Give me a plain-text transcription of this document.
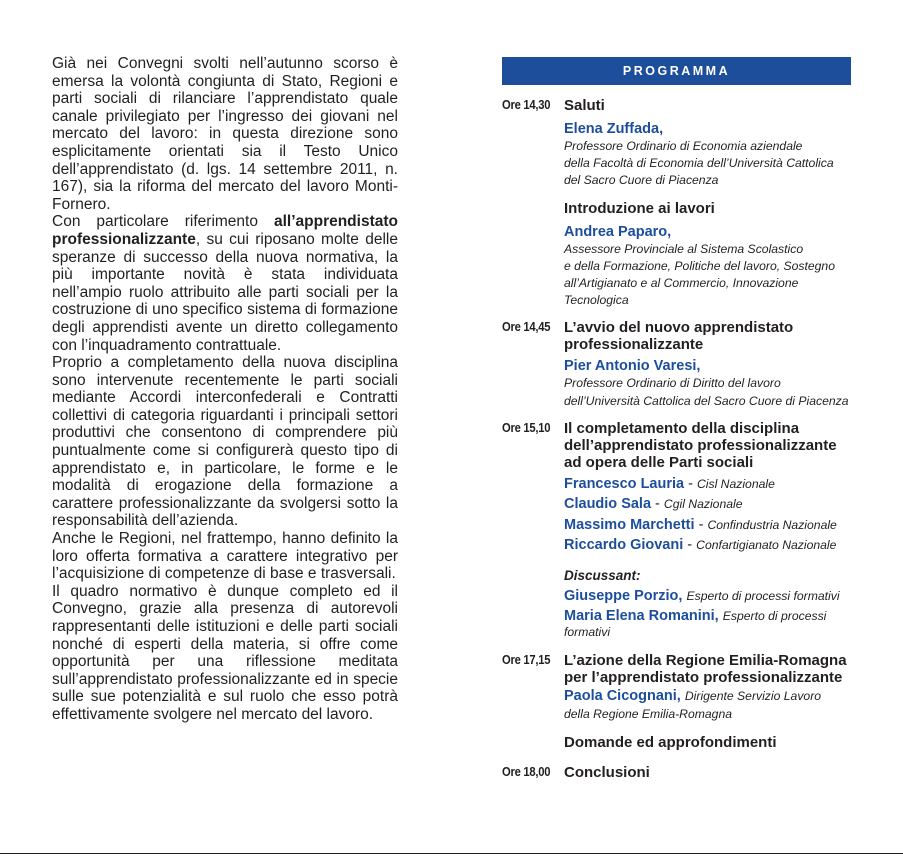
Già nei Convegni svolti nell’autunno scorso è emersa la volontà congiunta di Stato, Regioni e parti sociali di rilanciare l’apprendistato quale canale privilegiato per l’ingresso dei giovani nel mercato del lavoro: in questa direzione sono esplicitamente orientati sia il Testo Unico dell’apprendistato (d. lgs. 14 settembre 2011, n. 167), sia la riforma del mercato del lavoro Monti-Fornero.

Con particolare riferimento all’apprendistato professionalizzante, su cui riposano molte delle speranze di successo della nuova normativa, la più importante novità è stata individuata nell’ampio ruolo attribuito alle parti sociali per la costruzione di uno specifico sistema di formazione degli apprendisti avente un diretto collegamento con l’inquadramento contrattuale.

Proprio a completamento della nuova disciplina sono intervenute recentemente le parti sociali mediante Accordi interconfederali e Contratti collettivi di categoria riguardanti i principali settori produttivi che consentono di comprendere più puntualmente come si configurerà questo tipo di apprendistato e, in particolare, le forme e le modalità di erogazione della formazione a carattere professionalizzante da svolgersi sotto la responsabilità dell’azienda.

Anche le Regioni, nel frattempo, hanno definito la loro offerta formativa a carattere integrativo per l’acquisizione di competenze di base e trasversali.

Il quadro normativo è dunque completo ed il Convegno, grazie alla presenza di autorevoli rappresentanti delle istituzioni e delle parti sociali nonché di esperti della materia, si offre come opportunità per una riflessione meditata sull’apprendistato professionalizzante ed in specie sulle sue potenzialità e sul ruolo che esso potrà effettivamente svolgere nel mercato del lavoro.

PROGRAMMA
Ore 14,30 Saluti
Elena Zuffada,
Professore Ordinario di Economia aziendale
della Facoltà di Economia dell’Università Cattolica
del Sacro Cuore di Piacenza
Introduzione ai lavori
Andrea Paparo,
Assessore Provinciale al Sistema Scolastico
e della Formazione, Politiche del lavoro, Sostegno
all’Artigianato e al Commercio, Innovazione
Tecnologica
Ore 14,45 L’avvio del nuovo apprendistato
professionalizzante
Pier Antonio Varesi,
Professore Ordinario di Diritto del lavoro
dell’Università Cattolica del Sacro Cuore di Piacenza
Ore 15,10 Il completamento della disciplina
dell’apprendistato professionalizzante
ad opera delle Parti sociali
Francesco Lauria - Cisl Nazionale
Claudio Sala - Cgil Nazionale
Massimo Marchetti - Confindustria Nazionale
Riccardo Giovani - Confartigianato Nazionale
Discussant:
Giuseppe Porzio, Esperto di processi formativi
Maria Elena Romanini, Esperto di processi
formativi
Ore 17,15 L’azione della Regione Emilia-Romagna
per l’apprendistato professionalizzante
Paola Cicognani, Dirigente Servizio Lavoro
della Regione Emilia-Romagna
Domande ed approfondimenti
Ore 18,00 Conclusioni
